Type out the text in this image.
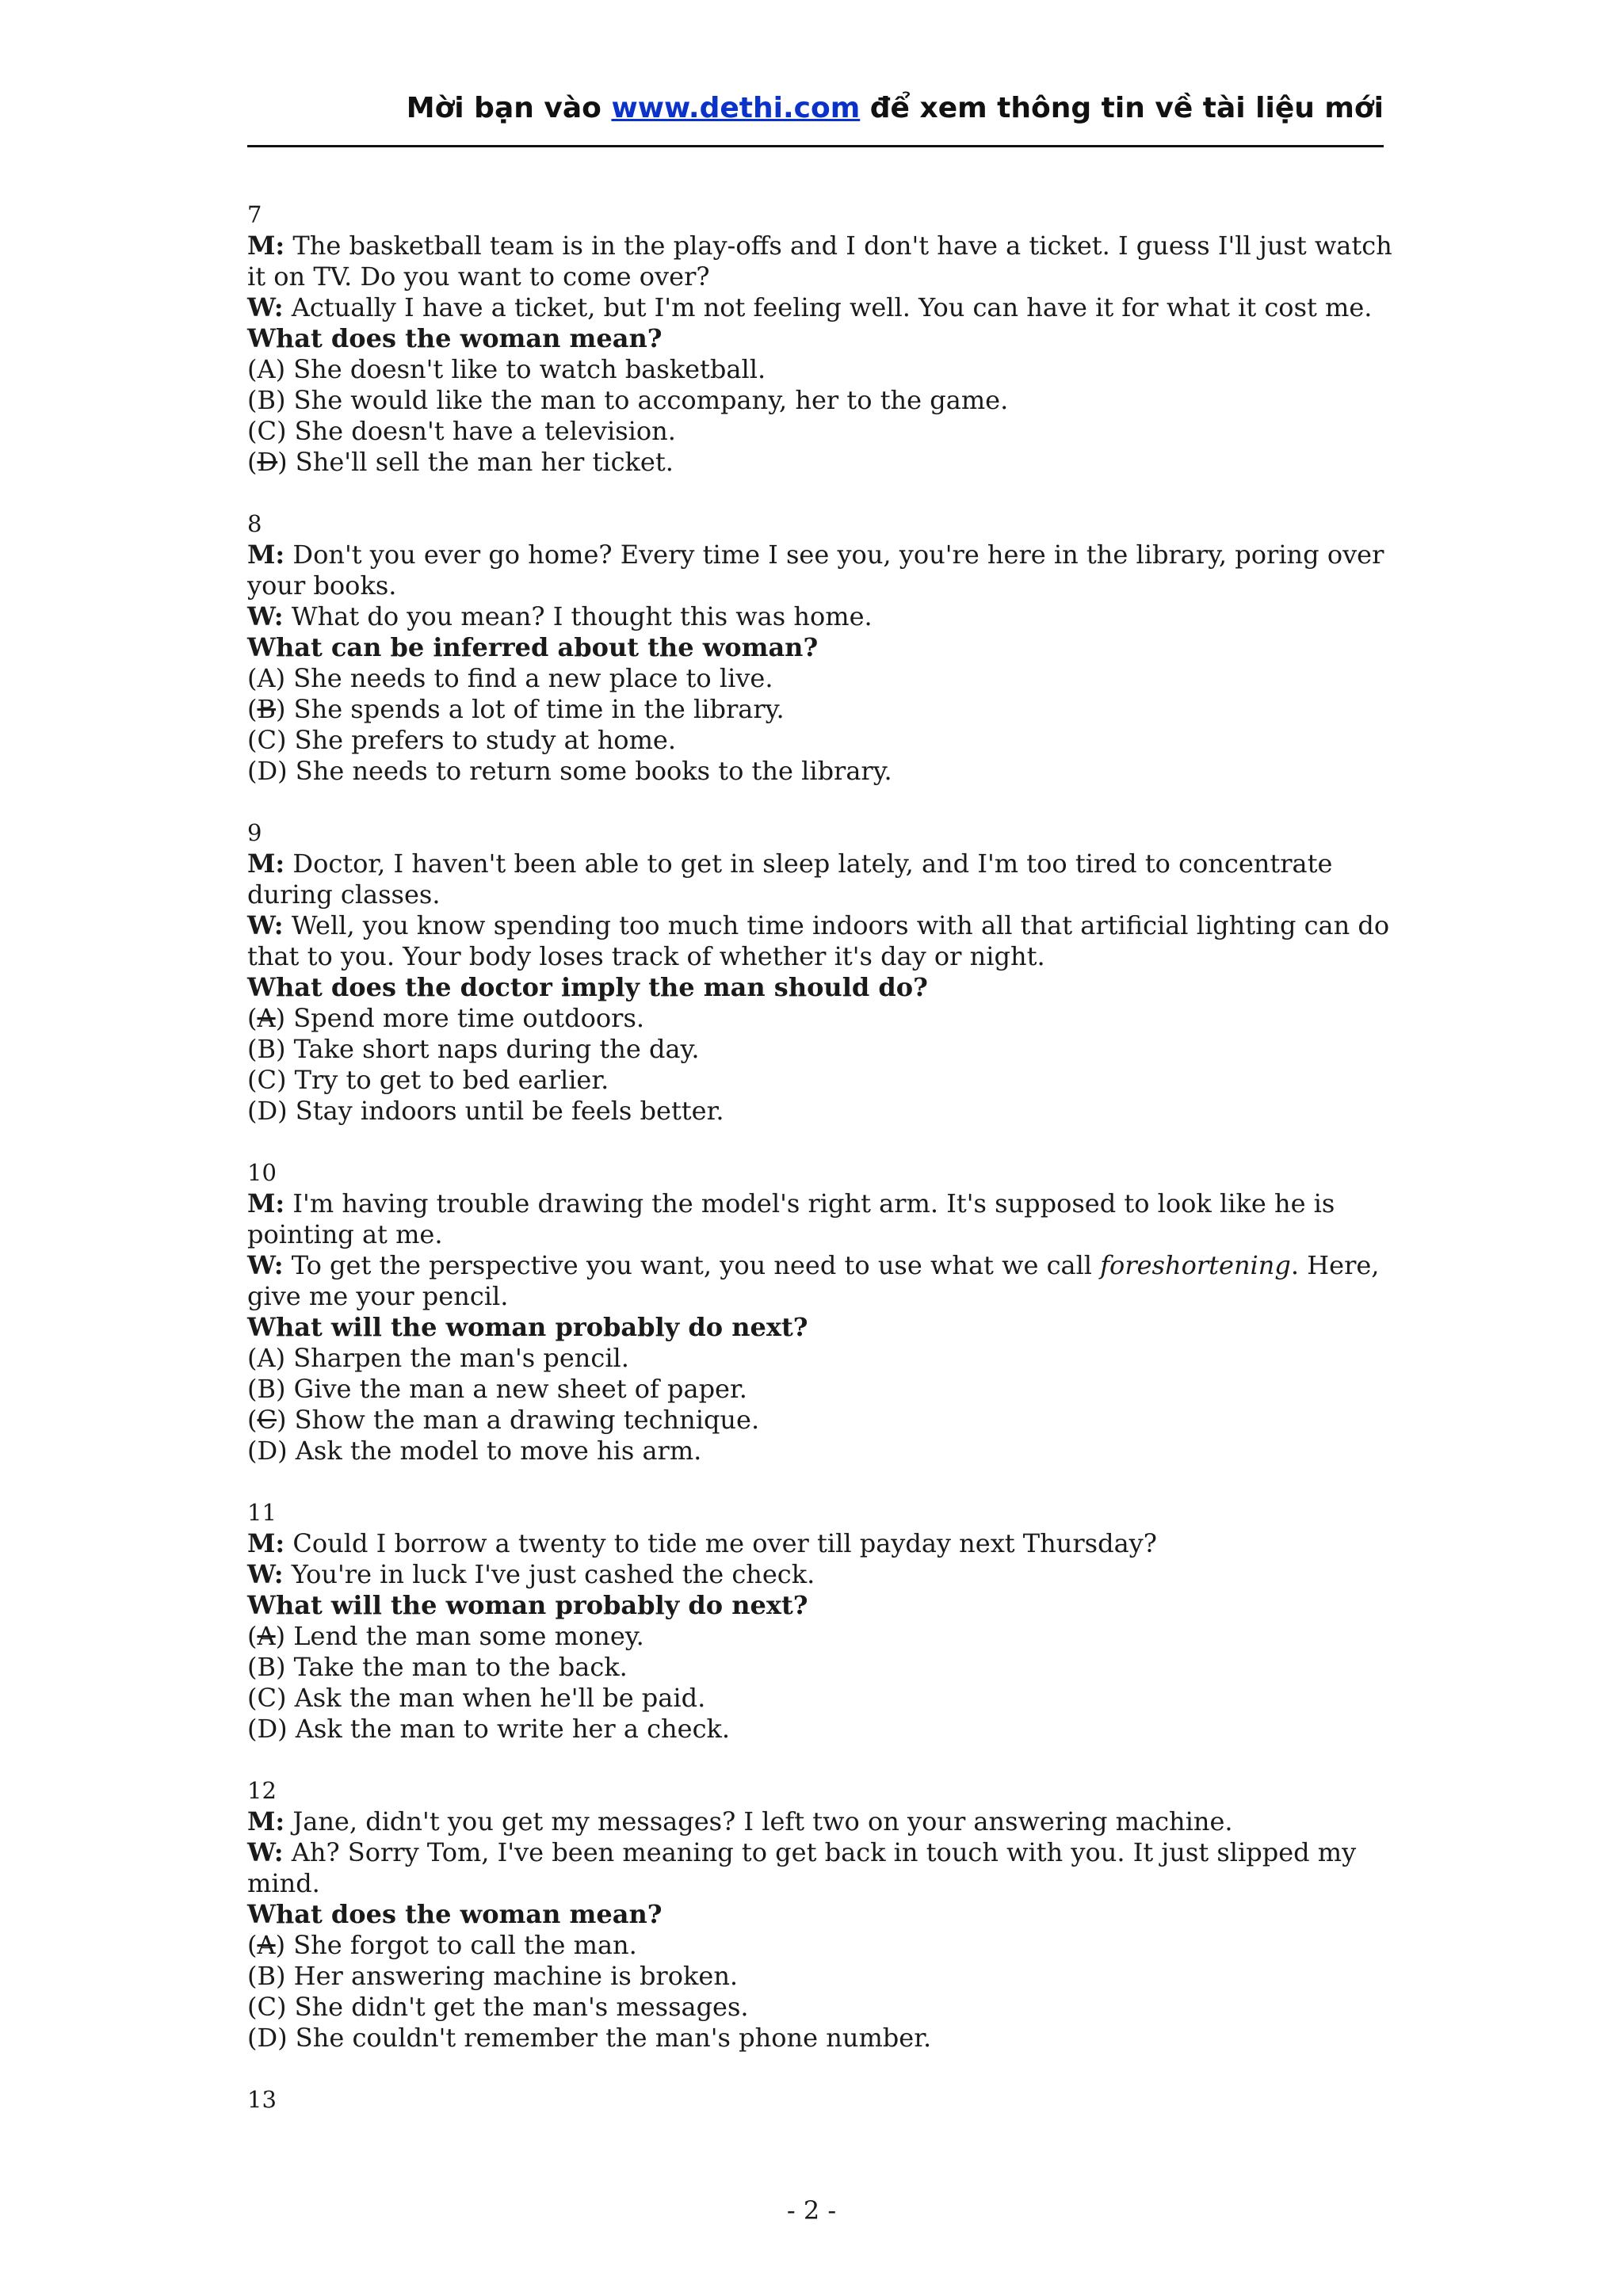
Mời bạn vào www.dethi.com để xem thông tin về tài liệu mới
7
M: The basketball team is in the play-offs and I don't have a ticket. I guess I'll just watch it on TV. Do you want to come over?
W: Actually I have a ticket, but I'm not feeling well. You can have it for what it cost me.
What does the woman mean?
(A) She doesn't like to watch basketball.
(B) She would like the man to accompany, her to the game.
(C) She doesn't have a television.
(D) She'll sell the man her ticket.
8
M: Don't you ever go home? Every time I see you, you're here in the library, poring over your books.
W: What do you mean? I thought this was home.
What can be inferred about the woman?
(A) She needs to find a new place to live.
(B) She spends a lot of time in the library.
(C) She prefers to study at home.
(D) She needs to return some books to the library.
9
M: Doctor, I haven't been able to get in sleep lately, and I'm too tired to concentrate during classes.
W: Well, you know spending too much time indoors with all that artificial lighting can do that to you. Your body loses track of whether it's day or night.
What does the doctor imply the man should do?
(A) Spend more time outdoors.
(B) Take short naps during the day.
(C) Try to get to bed earlier.
(D) Stay indoors until be feels better.
10
M: I'm having trouble drawing the model's right arm. It's supposed to look like he is pointing at me.
W: To get the perspective you want, you need to use what we call foreshortening. Here, give me your pencil.
What will the woman probably do next?
(A) Sharpen the man's pencil.
(B) Give the man a new sheet of paper.
(C) Show the man a drawing technique.
(D) Ask the model to move his arm.
11
M: Could I borrow a twenty to tide me over till payday next Thursday?
W: You're in luck I've just cashed the check.
What will the woman probably do next?
(A) Lend the man some money.
(B) Take the man to the back.
(C) Ask the man when he'll be paid.
(D) Ask the man to write her a check.
12
M: Jane, didn't you get my messages? I left two on your answering machine.
W: Ah? Sorry Tom, I've been meaning to get back in touch with you. It just slipped my mind.
What does the woman mean?
(A) She forgot to call the man.
(B) Her answering machine is broken.
(C) She didn't get the man's messages.
(D) She couldn't remember the man's phone number.
13
- 2 -
